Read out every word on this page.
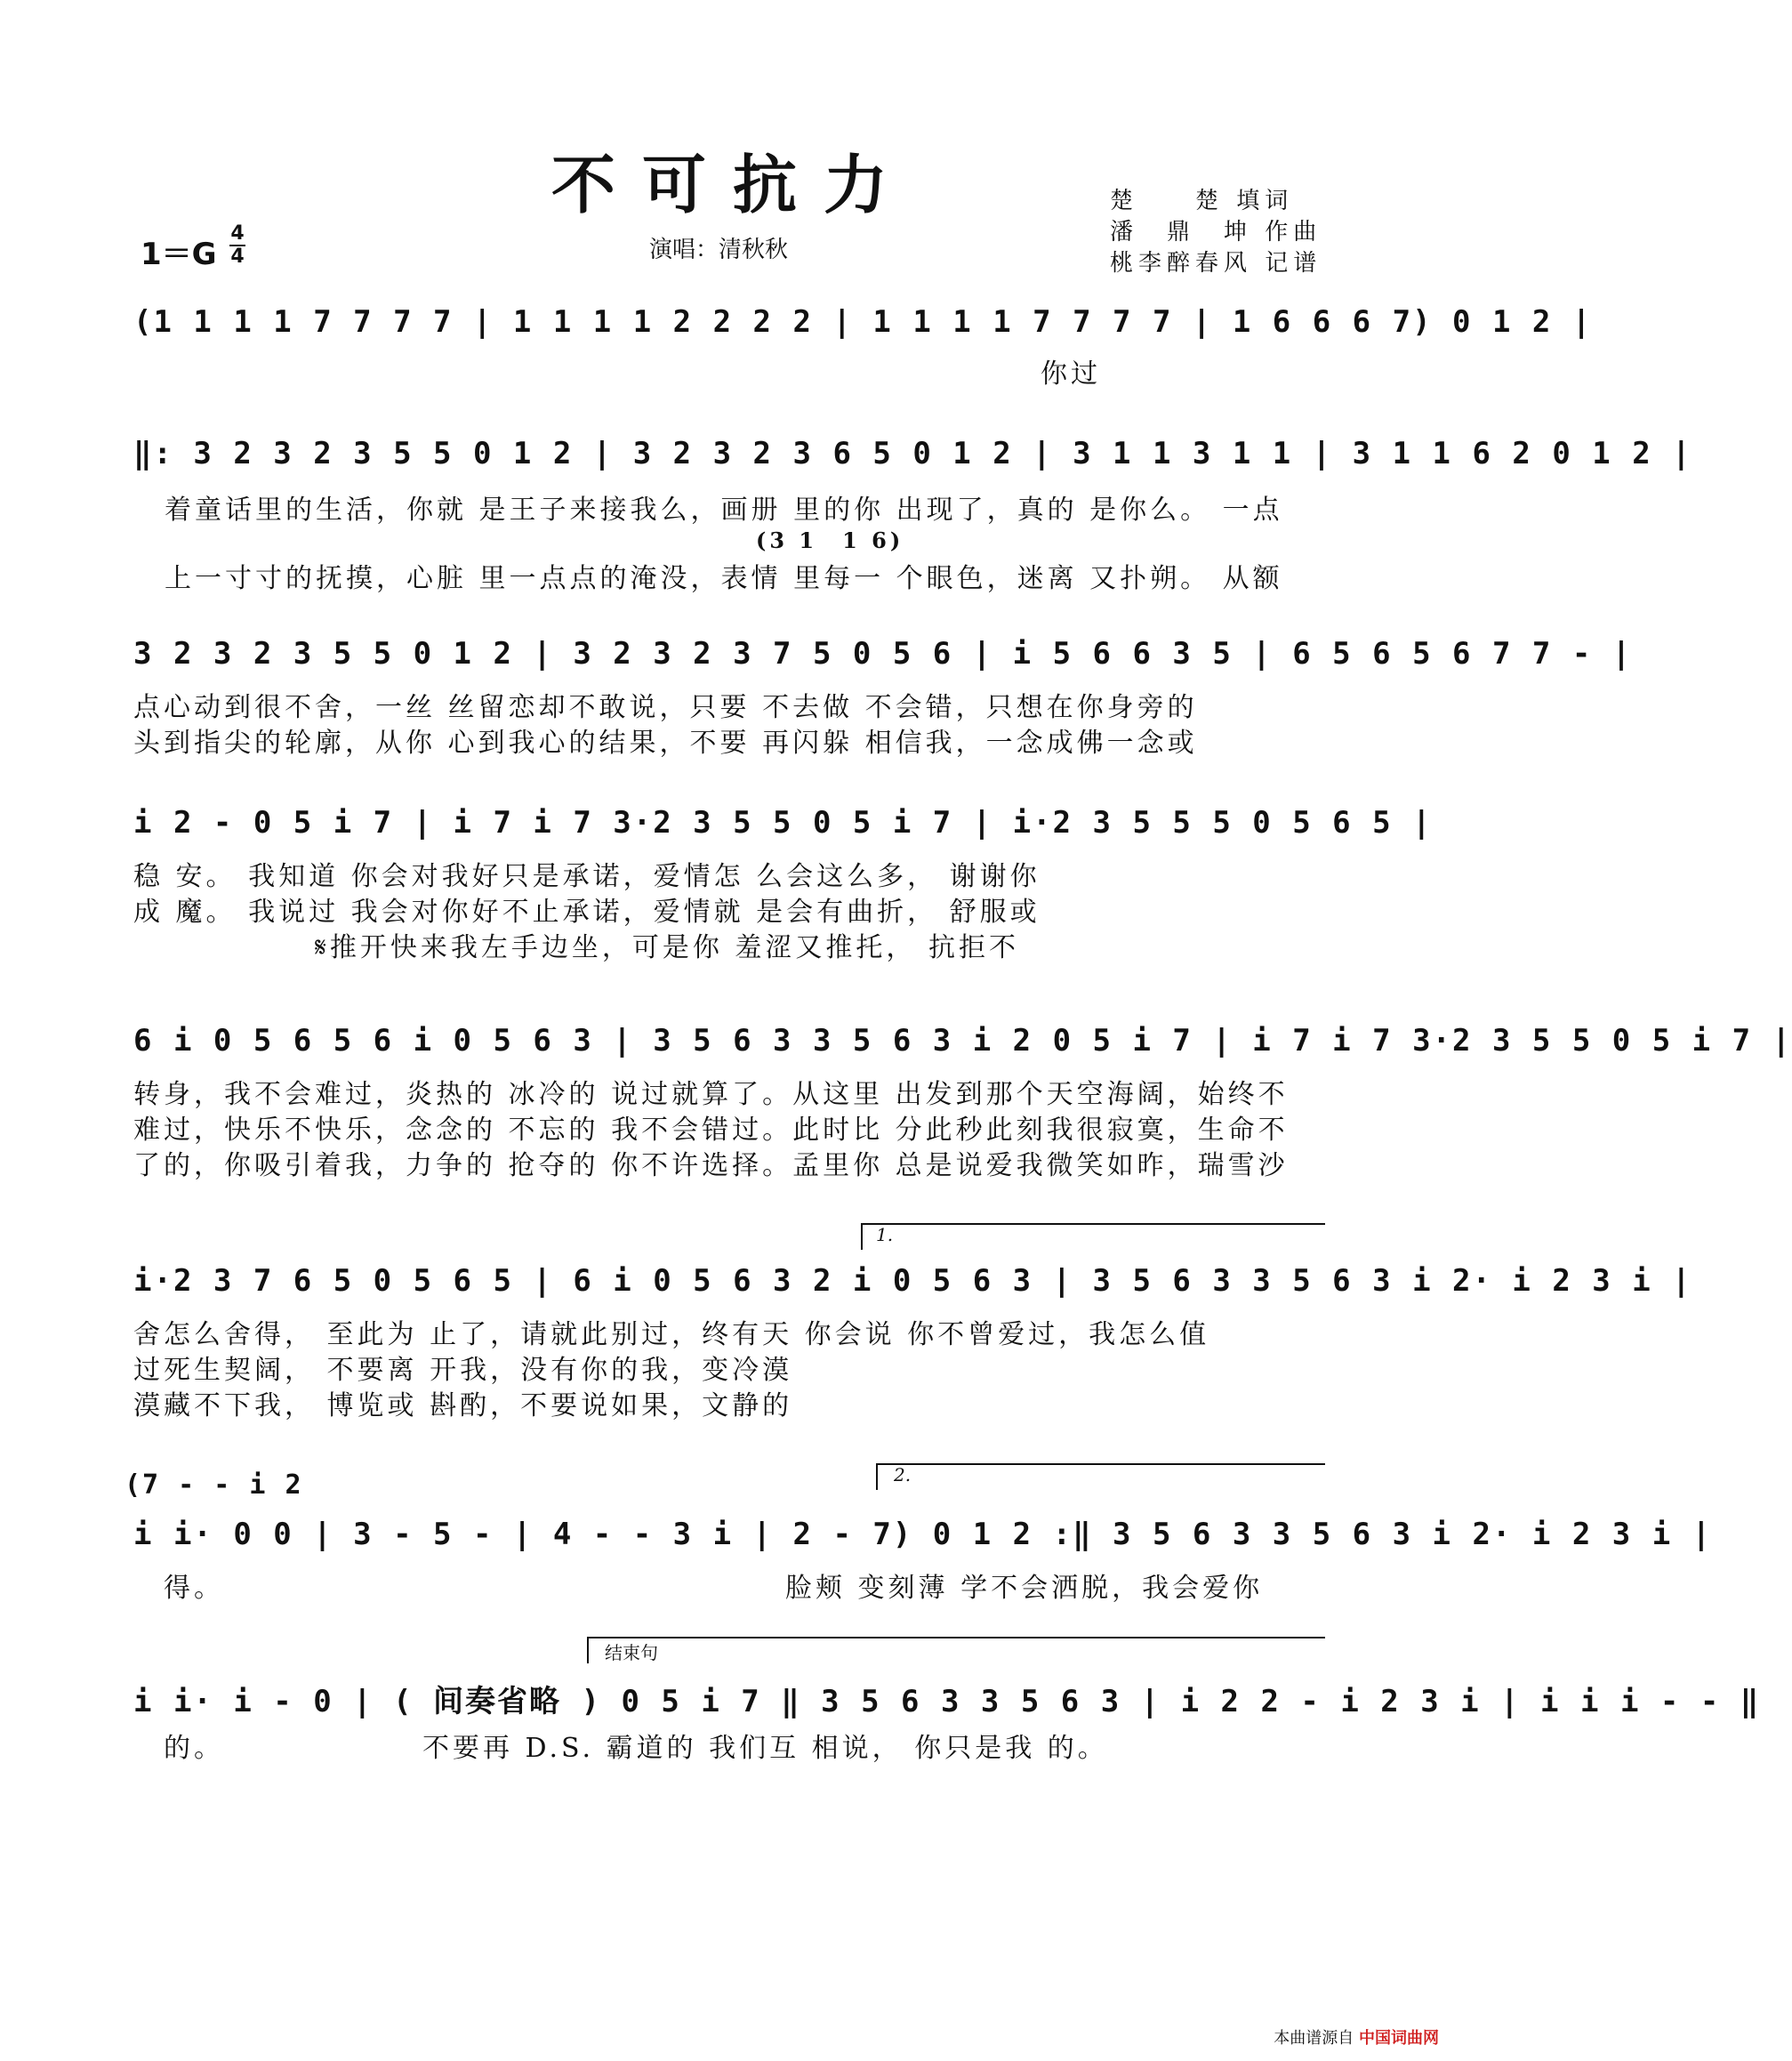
不可抗力	楚　　楚 填词
潘　鼎　坤 作曲
桃李醉春风 记谱
演唱：清秋秋
1＝G
4
4
(1 1 1 1 7 7 7 7 | 1 1 1 1 2 2 2 2 | 1 1 1 1 7 7 7 7 | 1 6 6 6 7) 0 1 2 |
　　　　　　　　　　　　　　　　　　　　　　　　　　　　　　你过
‖: 3 2 3 2 3 5 5 0 1 2 | 3 2 3 2 3 6 5 0 1 2 | 3 1 1 3 1 1 | 3 1 1 6 2 0 1 2 |
着童话里的生活，你就 是王子来接我么，画册 里的你 出现了，真的 是你么。 一点
　　　　　　　　　　　　　　　　　　　　　　　　　(3 1　1 6)
上一寸寸的抚摸，心脏 里一点点的淹没，表情 里每一 个眼色，迷离 又扑朔。 从额
3 2 3 2 3 5 5 0 1 2 | 3 2 3 2 3 7 5 0 5 6 | i 5 6 6 3 5 | 6 5 6 5 6 7 7 - |
点心动到很不舍，一丝 丝留恋却不敢说，只要 不去做 不会错，只想在你身旁的
头到指尖的轮廓，从你 心到我心的结果，不要 再闪躲 相信我，一念成佛一念或
i 2 - 0 5 i 7 | i 7 i 7 3·2 3 5 5 0 5 i 7 | i·2 3 5 5 5 0 5 6 5 |
稳 安。 我知道 你会对我好只是承诺，爱情怎 么会这么多， 谢谢你
成 魔。 我说过 我会对你好不止承诺，爱情就 是会有曲折， 舒服或
　　　　　　𝄋推开快来我左手边坐，可是你 羞涩又推托， 抗拒不
6 i 0 5 6 5 6 i 0 5 6 3 | 3 5 6 3 3 5 6 3 i 2 0 5 i 7 | i 7 i 7 3·2 3 5 5 0 5 i 7 |
转身，我不会难过，炎热的 冰冷的 说过就算了。从这里 出发到那个天空海阔，始终不
难过，快乐不快乐，念念的 不忘的 我不会错过。此时比 分此秒此刻我很寂寞，生命不
了的，你吸引着我，力争的 抢夺的 你不许选择。孟里你 总是说爱我微笑如昨，瑞雪沙
1.
i·2 3 7 6 5 0 5 6 5 | 6 i 0 5 6 3 2 i 0 5 6 3 | 3 5 6 3 3 5 6 3 i 2· i 2 3 i |
舍怎么舍得， 至此为 止了，请就此别过，终有天 你会说 你不曾爱过，我怎么值
过死生契阔， 不要离 开我，没有你的我，变冷漠
漠藏不下我， 博览或 斟酌，不要说如果，文静的
(7 - - i 2	2.
i i· 0 0 | 3 - 5 - | 4 - - 3 i | 2 - 7) 0 1 2 :‖ 3 5 6 3 3 5 6 3 i 2· i 2 3 i |
　得。　　　　　　　　　　　　　　　　　　　脸颊 变刻薄 学不会洒脱，我会爱你
结束句
i i· i - 0 | ( 间奏省略 ) 0 5 i 7 ‖ 3 5 6 3 3 5 6 3 | i 2 2 - i 2 3 i | i i i - - ‖
　的。　　　　　　　不要再 D.S. 霸道的 我们互 相说， 你只是我 的。
本曲谱源自 中国词曲网
